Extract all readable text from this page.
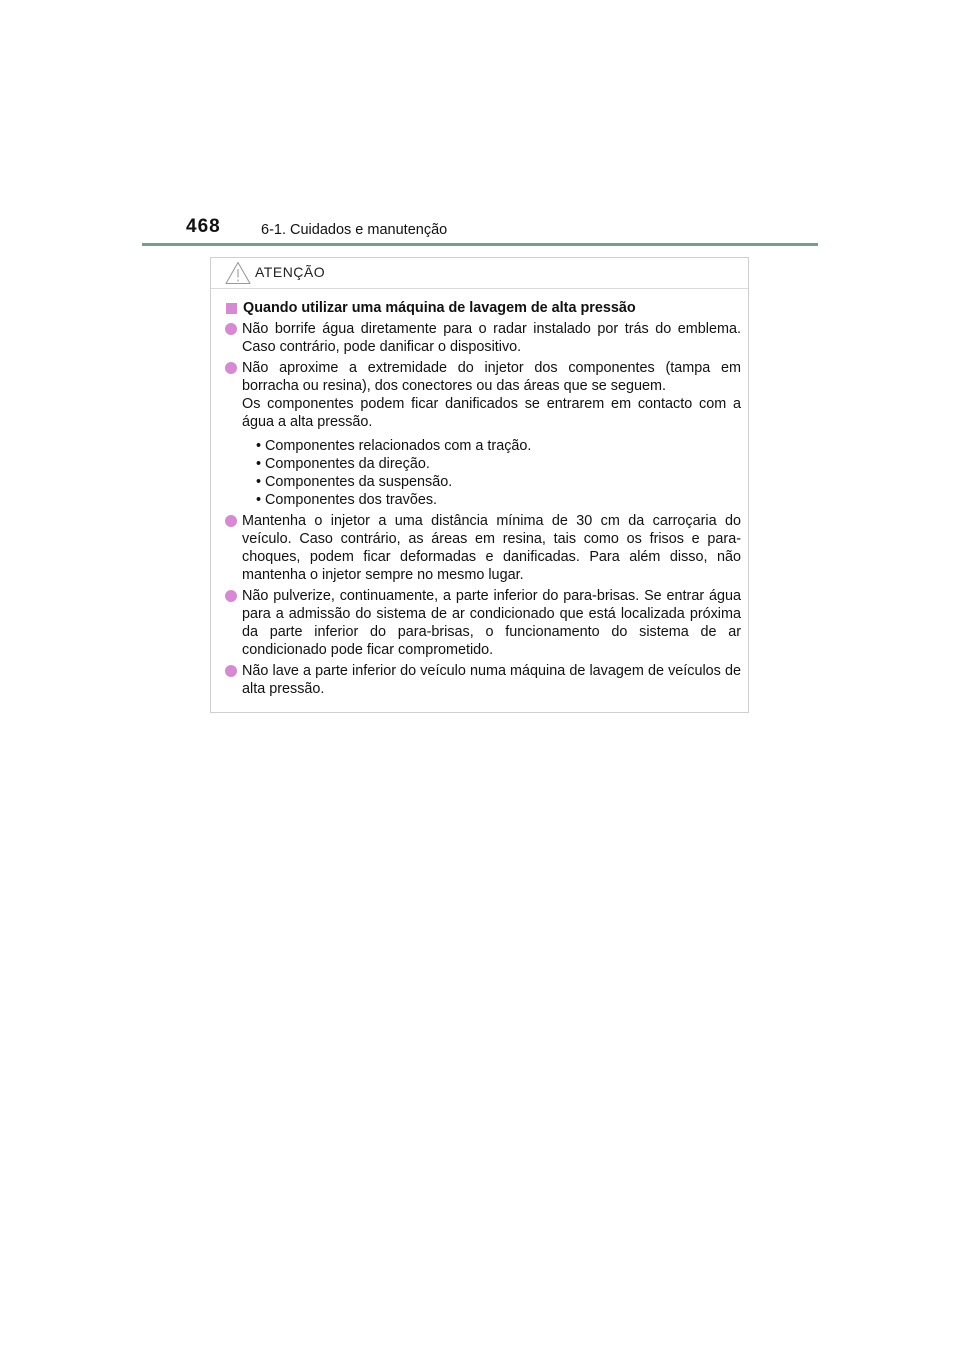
468	6-1. Cuidados e manutenção
ATENÇÃO
Quando utilizar uma máquina de lavagem de alta pressão

Não borrife água diretamente para o radar instalado por trás do emblema. Caso contrário, pode danificar o dispositivo.

Não aproxime a extremidade do injetor dos componentes (tampa em borracha ou resina), dos conectores ou das áreas que se seguem.

Os componentes podem ficar danificados se entrarem em contacto com a água a alta pressão.

• Componentes relacionados com a tração.
• Componentes da direção.
• Componentes da suspensão.
• Componentes dos travões.

Mantenha o injetor a uma distância mínima de 30 cm da carroçaria do veículo. Caso contrário, as áreas em resina, tais como os frisos e para-choques, podem ficar deformadas e danificadas. Para além disso, não mantenha o injetor sempre no mesmo lugar.

Não pulverize, continuamente, a parte inferior do para-brisas. Se entrar água para a admissão do sistema de ar condicionado que está localizada próxima da parte inferior do para-brisas, o funcionamento do sistema de ar condicionado pode ficar comprometido.

Não lave a parte inferior do veículo numa máquina de lavagem de veículos de alta pressão.
